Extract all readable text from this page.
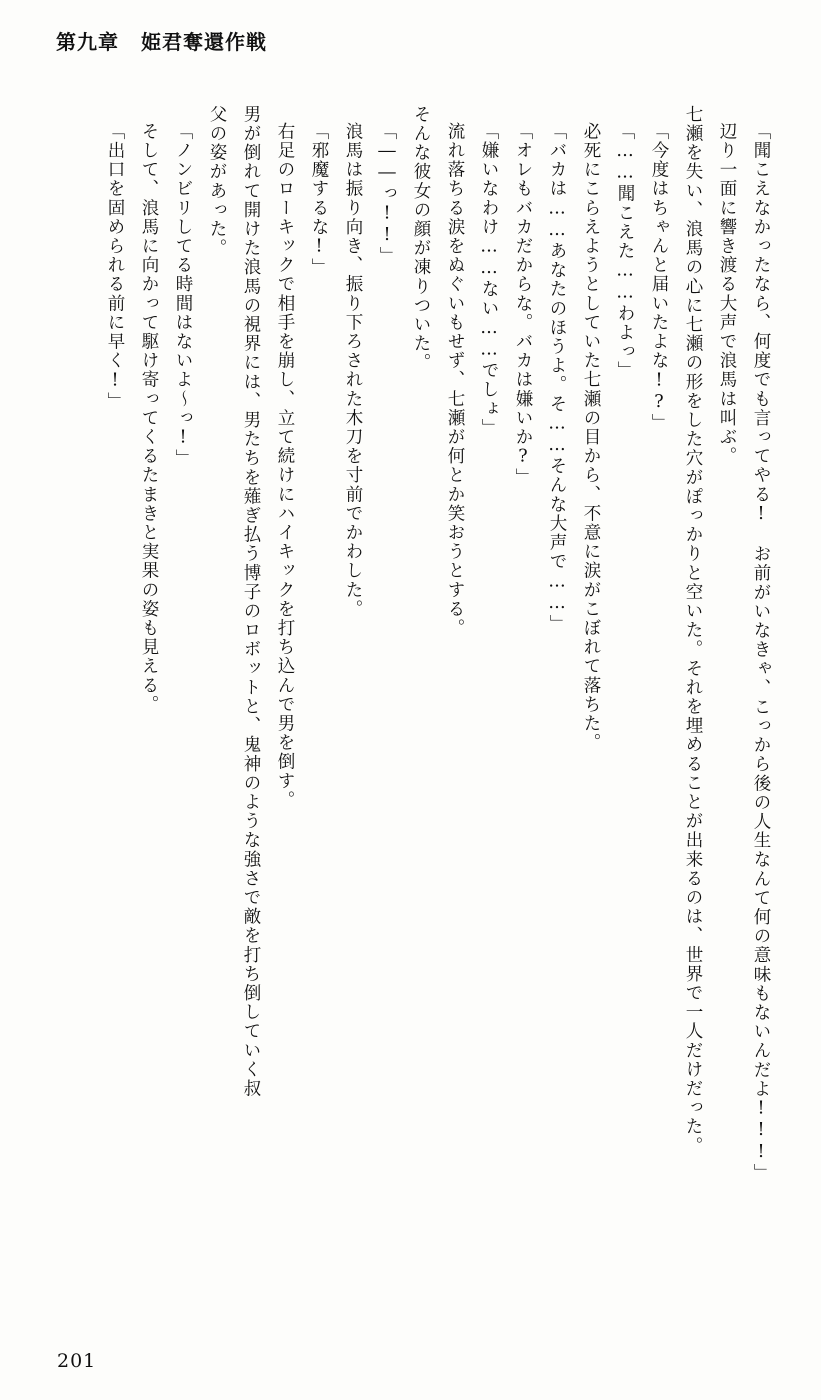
第九章 姫君奪還作戦
「聞こえなかったなら、何度でも言ってやる!　お前がいなきゃ、こっから後の人生なんて何の意味もないんだよ!!!」
辺り一面に響き渡る大声で浪馬は叫ぶ。
七瀬を失い、浪馬の心に七瀬の形をした穴がぽっかりと空いた。それを埋めることが出来るのは、世界で一人だけだった。
「今度はちゃんと届いたよな!?」
「……聞こえた……わよっ」
必死にこらえようとしていた七瀬の目から、不意に涙がこぼれて落ちた。
「バカは……あなたのほうよ。そ……そんな大声で……」
「オレもバカだからな。バカは嫌いか?」
「嫌いなわけ……ない……でしょ」
流れ落ちる涙をぬぐいもせず、七瀬が何とか笑おうとする。
そんな彼女の顔が凍りついた。
「――っ!!」
浪馬は振り向き、振り下ろされた木刀を寸前でかわした。
「邪魔するな!」
右足のローキックで相手を崩し、立て続けにハイキックを打ち込んで男を倒す。
男が倒れて開けた浪馬の視界には、男たちを薙ぎ払う博子のロボットと、鬼神のような強さで敵を打ち倒していく叔
父の姿があった。
「ノンビリしてる時間はないよ～っ!」
そして、浪馬に向かって駆け寄ってくるたまきと実果の姿も見える。
「出口を固められる前に早く!」
201
